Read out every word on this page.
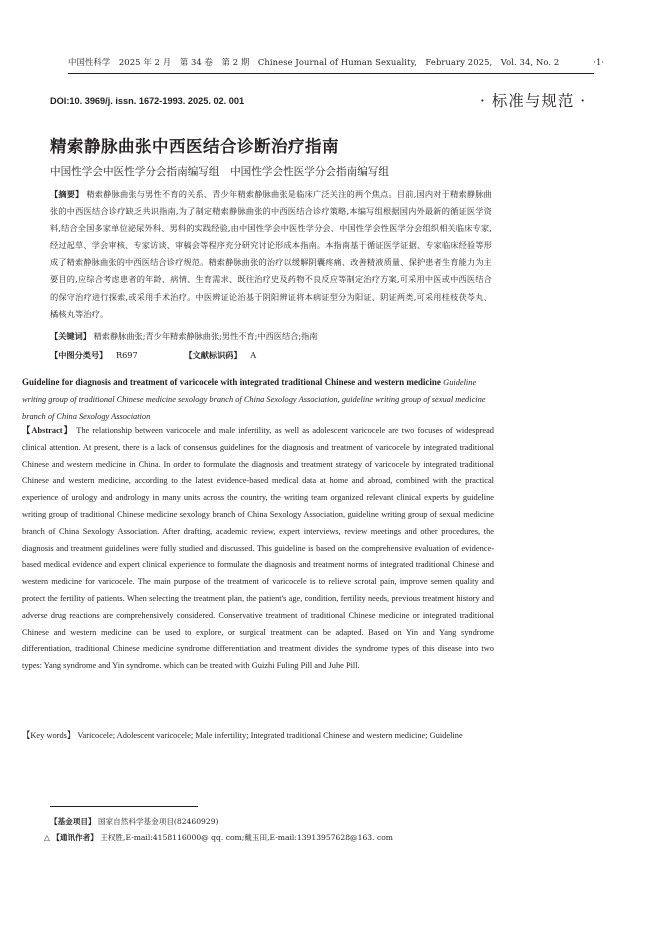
中国性科学　2025 年 2 月　第 34 卷　第 2 期　Chinese Journal of Human Sexuality,　February 2025,　Vol. 34, No. 2　　　　·1·
DOI:10. 3969/j. issn. 1672-1993. 2025. 02. 001	· 标准与规范 ·
精索静脉曲张中西医结合诊断治疗指南
中国性学会中医性学分会指南编写组　中国性学会性医学分会指南编写组
【摘要】 精索静脉曲张与男性不育的关系、青少年精索静脉曲张是临床广泛关注的两个焦点。目前,国内对于精索静脉曲张的中西医结合诊疗缺乏共识指南,为了制定精索静脉曲张的中西医结合诊疗策略,本编写组根据国内外最新的循证医学资料,结合全国多家单位泌尿外科、男科的实践经验,由中国性学会中医性学分会、中国性学会性医学分会组织相关临床专家,经过起草、学会审核、专家访谈、审稿会等程序充分研究讨论形成本指南。本指南基于循证医学证据、专家临床经验等形成了精索静脉曲张的中西医结合诊疗规范。精索静脉曲张的治疗以缓解阴囊疼痛、改善精液质量、保护患者生育能力为主要目的,应综合考虑患者的年龄、病情、生育需求、既往治疗史及药物不良反应等制定治疗方案,可采用中医或中西医结合的保守治疗进行探索,或采用手术治疗。中医辨证论治基于阴阳辨证将本病证型分为阳证、阴证两类,可采用桂枝茯苓丸、橘核丸等治疗。
【关键词】 精索静脉曲张;青少年精索静脉曲张;男性不育;中西医结合;指南
【中图分类号】 R697	【文献标识码】 A
Guideline for diagnosis and treatment of varicocele with integrated traditional Chinese and western medicine Guideline writing group of traditional Chinese medicine sexology branch of China Sexology Association, guideline writing group of sexual medicine branch of China Sexology Association
【Abstract】 The relationship between varicocele and male infertility, as well as adolescent varicocele are two focuses of widespread clinical attention. At present, there is a lack of consensus guidelines for the diagnosis and treatment of varicocele by integrated traditional Chinese and western medicine in China. In order to formulate the diagnosis and treatment strategy of varicocele by integrated traditional Chinese and western medicine, according to the latest evidence-based medical data at home and abroad, combined with the practical experience of urology and andrology in many units across the country, the writing team organized relevant clinical experts by guideline writing group of traditional Chinese medicine sexology branch of China Sexology Association, guideline writing group of sexual medicine branch of China Sexology Association. After drafting, academic review, expert interviews, review meetings and other procedures, the diagnosis and treatment guidelines were fully studied and discussed. This guideline is based on the comprehensive evaluation of evidence-based medical evidence and expert clinical experience to formulate the diagnosis and treatment norms of integrated traditional Chinese and western medicine for varicocele. The main purpose of the treatment of varicocele is to relieve scrotal pain, improve semen quality and protect the fertility of patients. When selecting the treatment plan, the patient's age, condition, fertility needs, previous treatment history and adverse drug reactions are comprehensively considered. Conservative treatment of traditional Chinese medicine or integrated traditional Chinese and western medicine can be used to explore, or surgical treatment can be adapted. Based on Yin and Yang syndrome differentiation, traditional Chinese medicine syndrome differentiation and treatment divides the syndrome types of this disease into two types: Yang syndrome and Yin syndrome. which can be treated with Guizhi Fuling Pill and Juhe Pill.
【Key words】 Varicocele; Adolescent varicocele; Male infertility; Integrated traditional Chinese and western medicine; Guideline
【基金项目】 国家自然科学基金项目(82460929)
△ 【通讯作者】 王权胜,E-mail:4158116000@ qq. com;戴玉田,E-mail:13913957628@163. com
